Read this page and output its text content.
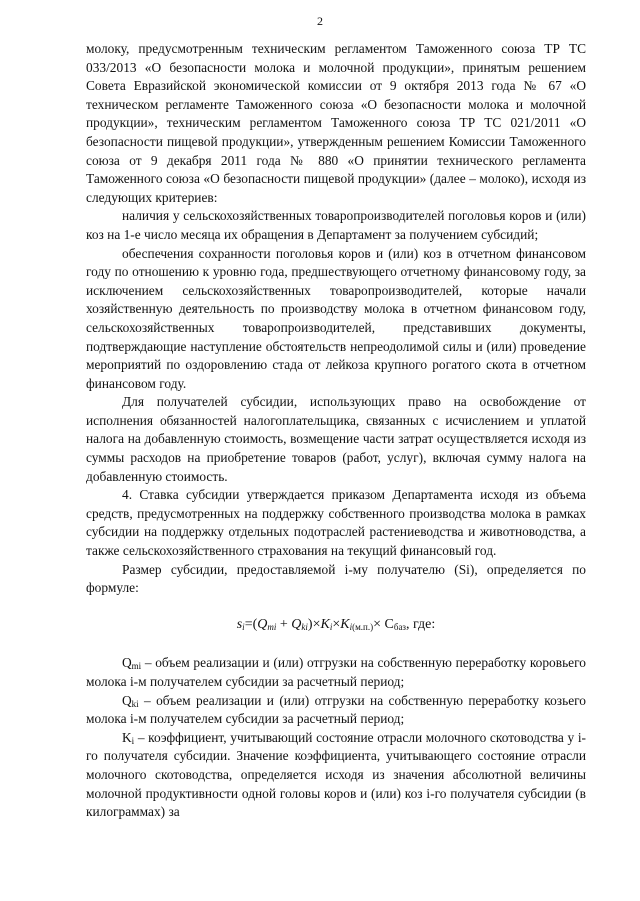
2

молоку, предусмотренным техническим регламентом Таможенного союза ТР ТС 033/2013 «О безопасности молока и молочной продукции», принятым решением Совета Евразийской экономической комиссии от 9 октября 2013 года № 67 «О техническом регламенте Таможенного союза «О безопасности молока и молочной продукции», техническим регламентом Таможенного союза ТР ТС 021/2011 «О безопасности пищевой продукции», утвержденным решением Комиссии Таможенного союза от 9 декабря 2011 года № 880 «О принятии технического регламента Таможенного союза «О безопасности пищевой продукции» (далее – молоко), исходя из следующих критериев:

наличия у сельскохозяйственных товаропроизводителей поголовья коров и (или) коз на 1-е число месяца их обращения в Департамент за получением субсидий;

обеспечения сохранности поголовья коров и (или) коз в отчетном финансовом году по отношению к уровню года, предшествующего отчетному финансовому году, за исключением сельскохозяйственных товаропроизводителей, которые начали хозяйственную деятельность по производству молока в отчетном финансовом году, сельскохозяйственных товаропроизводителей, представивших документы, подтверждающие наступление обстоятельств непреодолимой силы и (или) проведение мероприятий по оздоровлению стада от лейкоза крупного рогатого скота в отчетном финансовом году.

Для получателей субсидии, использующих право на освобождение от исполнения обязанностей налогоплательщика, связанных с исчислением и уплатой налога на добавленную стоимость, возмещение части затрат осуществляется исходя из суммы расходов на приобретение товаров (работ, услуг), включая сумму налога на добавленную стоимость.

4. Ставка субсидии утверждается приказом Департамента исходя из объема средств, предусмотренных на поддержку собственного производства молока в рамках субсидии на поддержку отдельных подотраслей растениеводства и животноводства, а также сельскохозяйственного страхования на текущий финансовый год.

Размер субсидии, предоставляемой i-му получателю (Si), определяется по формуле:

$s_i=(Q_{mi} + Q_{ki})\times K_i\times K_{i(м.п.)}\times С_{баз}$, где:

$Q_{mi}$ – объем реализации и (или) отгрузки на собственную переработку коровьего молока i-м получателем субсидии за расчетный период;

$Q_{ki}$ – объем реализации и (или) отгрузки на собственную переработку козьего молока i-м получателем субсидии за расчетный период;

$K_i$ – коэффициент, учитывающий состояние отрасли молочного скотоводства у i-го получателя субсидии. Значение коэффициента, учитывающего состояние отрасли молочного скотоводства, определяется исходя из значения абсолютной величины молочной продуктивности одной головы коров и (или) коз i-го получателя субсидии (в килограммах) за
